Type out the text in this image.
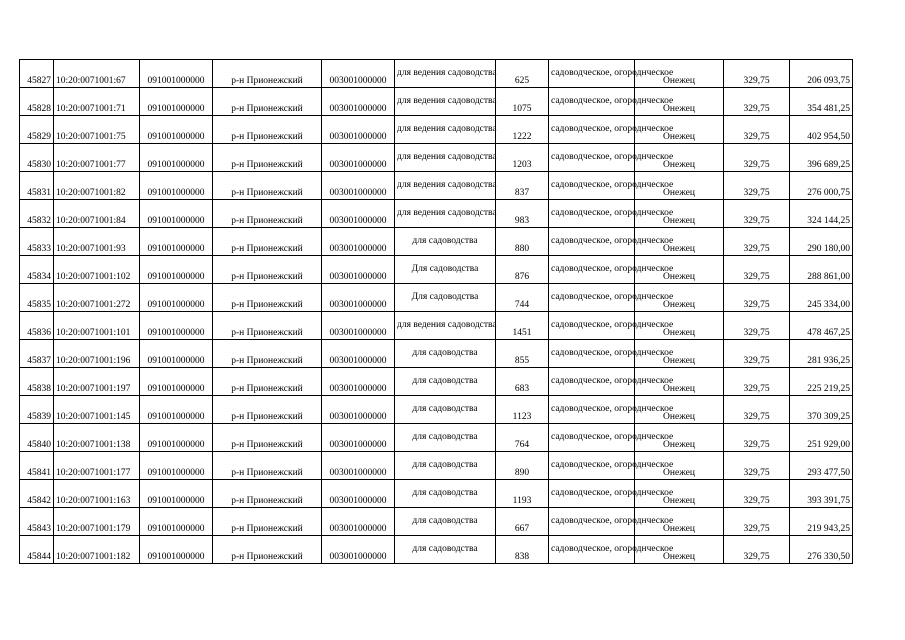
45827	10:20:0071001:67	091001000000	р-н Прионежский	003001000000	для ведения садоводства	625	садоводческое, огороднческое	Онежец	329,75	206 093,75
45828	10:20:0071001:71	091001000000	р-н Прионежский	003001000000	для ведения садоводства	1075	садоводческое, огороднческое	Онежец	329,75	354 481,25
45829	10:20:0071001:75	091001000000	р-н Прионежский	003001000000	для ведения садоводства	1222	садоводческое, огороднческое	Онежец	329,75	402 954,50
45830	10:20:0071001:77	091001000000	р-н Прионежский	003001000000	для ведения садоводства	1203	садоводческое, огороднческое	Онежец	329,75	396 689,25
45831	10:20:0071001:82	091001000000	р-н Прионежский	003001000000	для ведения садоводства	837	садоводческое, огороднческое	Онежец	329,75	276 000,75
45832	10:20:0071001:84	091001000000	р-н Прионежский	003001000000	для ведения садоводства	983	садоводческое, огороднческое	Онежец	329,75	324 144,25
45833	10:20:0071001:93	091001000000	р-н Прионежский	003001000000	для садоводства	880	садоводческое, огороднческое	Онежец	329,75	290 180,00
45834	10:20:0071001:102	091001000000	р-н Прионежский	003001000000	Для садоводства	876	садоводческое, огороднческое	Онежец	329,75	288 861,00
45835	10:20:0071001:272	091001000000	р-н Прионежский	003001000000	Для садоводства	744	садоводческое, огороднческое	Онежец	329,75	245 334,00
45836	10:20:0071001:101	091001000000	р-н Прионежский	003001000000	для ведения садоводства	1451	садоводческое, огороднческое	Онежец	329,75	478 467,25
45837	10:20:0071001:196	091001000000	р-н Прионежский	003001000000	для садоводства	855	садоводческое, огороднческое	Онежец	329,75	281 936,25
45838	10:20:0071001:197	091001000000	р-н Прионежский	003001000000	для садоводства	683	садоводческое, огороднческое	Онежец	329,75	225 219,25
45839	10:20:0071001:145	091001000000	р-н Прионежский	003001000000	для садоводства	1123	садоводческое, огороднческое	Онежец	329,75	370 309,25
45840	10:20:0071001:138	091001000000	р-н Прионежский	003001000000	для садоводства	764	садоводческое, огороднческое	Онежец	329,75	251 929,00
45841	10:20:0071001:177	091001000000	р-н Прионежский	003001000000	для садоводства	890	садоводческое, огороднческое	Онежец	329,75	293 477,50
45842	10:20:0071001:163	091001000000	р-н Прионежский	003001000000	для садоводства	1193	садоводческое, огороднческое	Онежец	329,75	393 391,75
45843	10:20:0071001:179	091001000000	р-н Прионежский	003001000000	для садоводства	667	садоводческое, огороднческое	Онежец	329,75	219 943,25
45844	10:20:0071001:182	091001000000	р-н Прионежский	003001000000	для садоводства	838	садоводческое, огороднческое	Онежец	329,75	276 330,50
